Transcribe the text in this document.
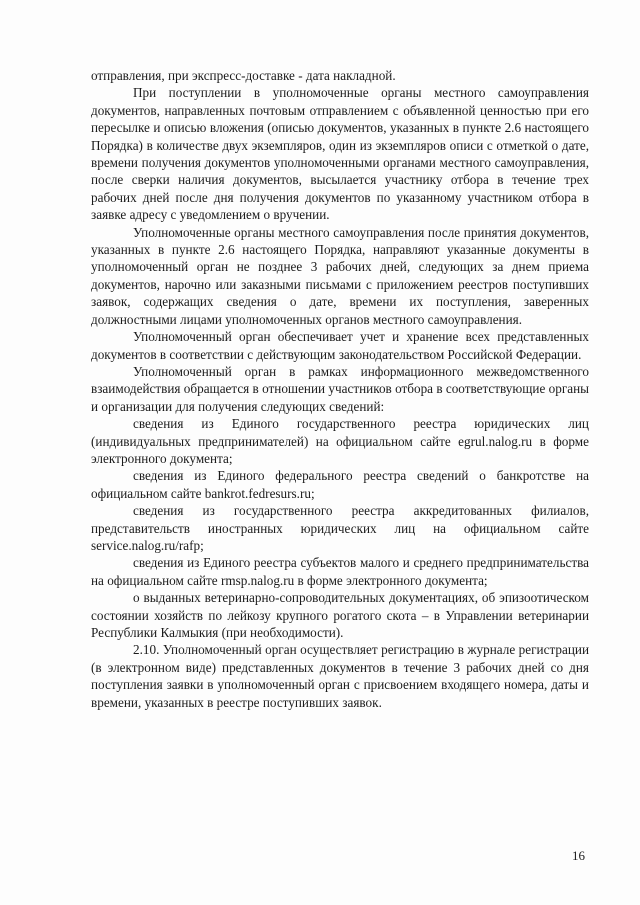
отправления, при экспресс-доставке - дата накладной.

При поступлении в уполномоченные органы местного самоуправления документов, направленных почтовым отправлением с объявленной ценностью при его пересылке и описью вложения (описью документов, указанных в пункте 2.6 настоящего Порядка) в количестве двух экземпляров, один из экземпляров описи с отметкой о дате, времени получения документов уполномоченными органами местного самоуправления, после сверки наличия документов, высылается участнику отбора в течение трех рабочих дней после дня получения документов по указанному участником отбора в заявке адресу с уведомлением о вручении.

Уполномоченные органы местного самоуправления после принятия документов, указанных в пункте 2.6 настоящего Порядка, направляют указанные документы в уполномоченный орган не позднее 3 рабочих дней, следующих за днем приема документов, нарочно или заказными письмами с приложением реестров поступивших заявок, содержащих сведения о дате, времени их поступления, заверенных должностными лицами уполномоченных органов местного самоуправления.

Уполномоченный орган обеспечивает учет и хранение всех представленных документов в соответствии с действующим законодательством Российской Федерации.

Уполномоченный орган в рамках информационного межведомственного взаимодействия обращается в отношении участников отбора в соответствующие органы и организации для получения следующих сведений:

сведения из Единого государственного реестра юридических лиц (индивидуальных предпринимателей) на официальном сайте egrul.nalog.ru в форме электронного документа;

сведения из Единого федерального реестра сведений о банкротстве на официальном сайте bankrot.fedresurs.ru;

сведения из государственного реестра аккредитованных филиалов, представительств иностранных юридических лиц на официальном сайте service.nalog.ru/rafp;

сведения из Единого реестра субъектов малого и среднего предпринимательства на официальном сайте rmsp.nalog.ru в форме электронного документа;

о выданных ветеринарно-сопроводительных документациях, об эпизоотическом состоянии хозяйств по лейкозу крупного рогатого скота – в Управлении ветеринарии Республики Калмыкия (при необходимости).

2.10. Уполномоченный орган осуществляет регистрацию в журнале регистрации (в электронном виде) представленных документов в течение 3 рабочих дней со дня поступления заявки в уполномоченный орган с присвоением входящего номера, даты и времени, указанных в реестре поступивших заявок.

16
